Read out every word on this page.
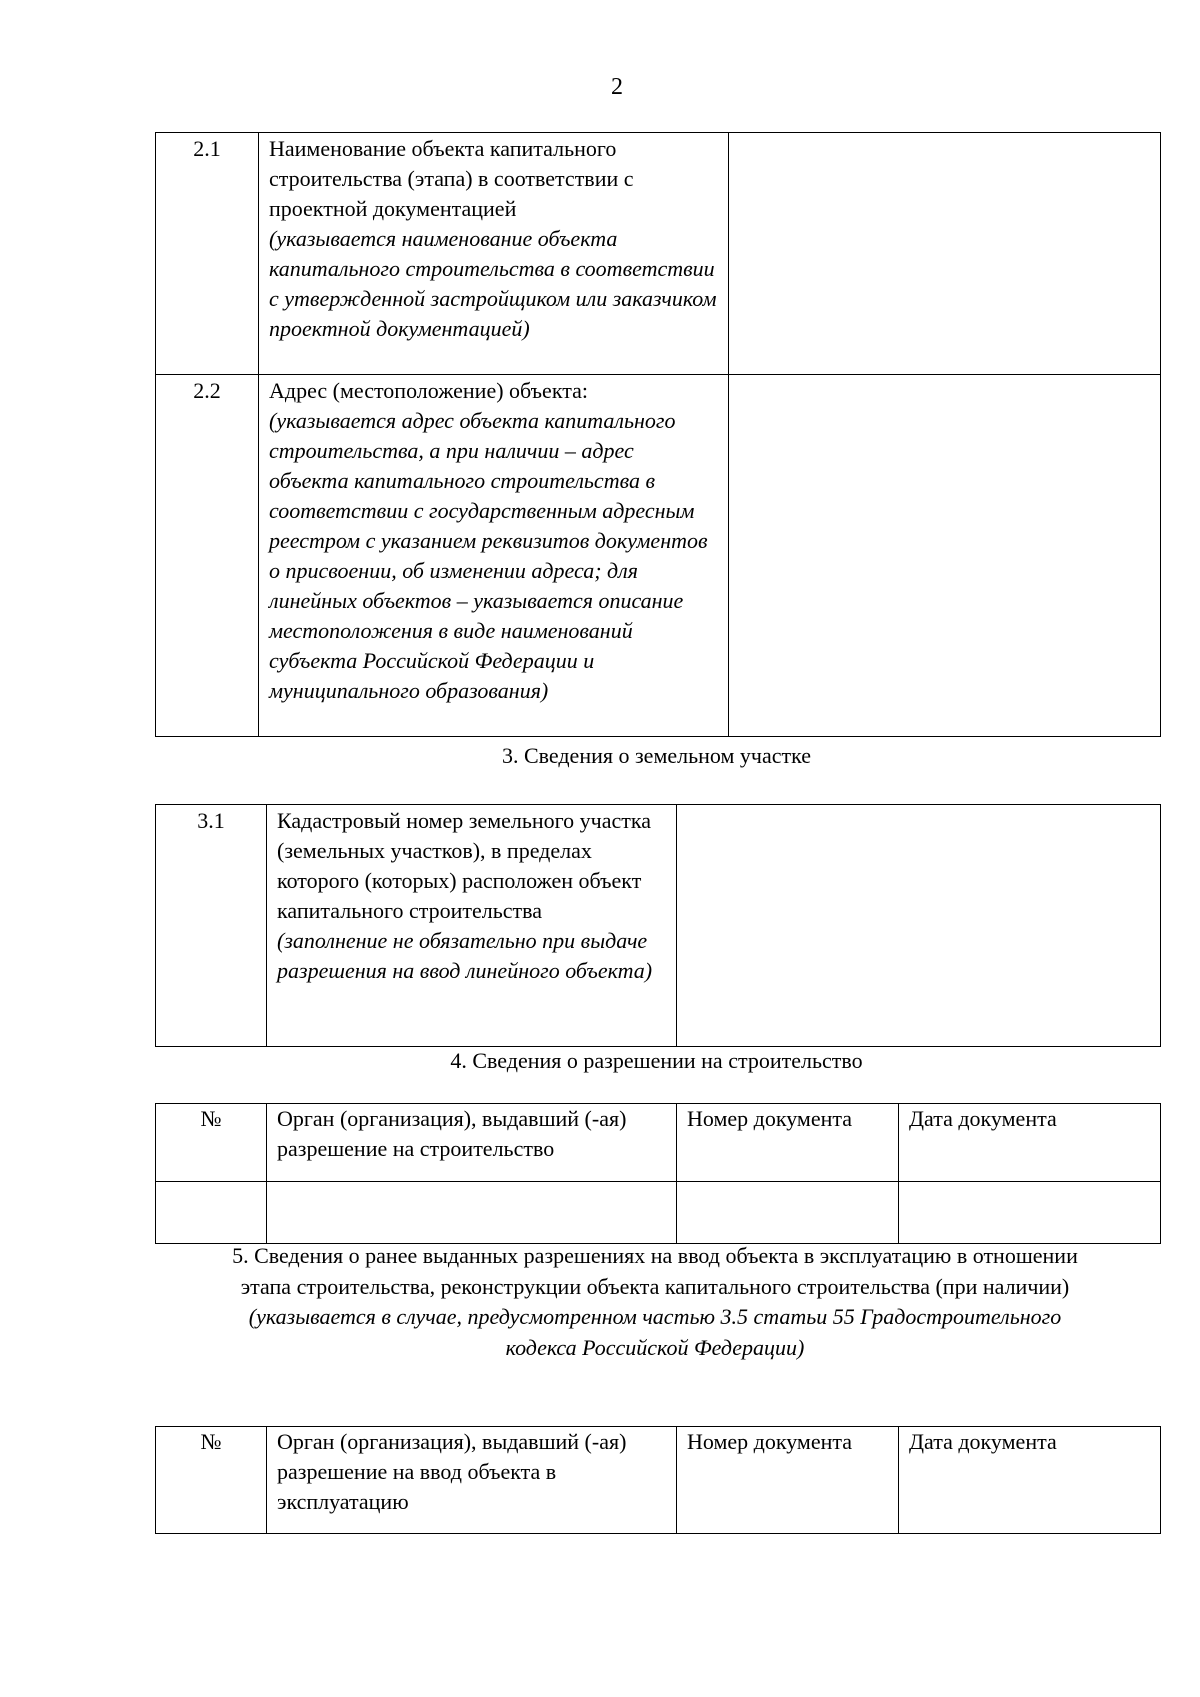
2
2.1	Наименование объекта капитального строительства (этапа) в соответствии с проектной документацией
(указывается наименование объекта капитального строительства в соответствии с утвержденной застройщиком или заказчиком проектной документацией)	
2.2	Адрес (местоположение) объекта:
(указывается адрес объекта капитального строительства, а при наличии – адрес объекта капитального строительства в соответствии с государственным адресным реестром с указанием реквизитов документов о присвоении, об изменении адреса; для линейных объектов – указывается описание местоположения в виде наименований субъекта Российской Федерации и муниципального образования)	
3. Сведения о земельном участке
3.1	Кадастровый номер земельного участка (земельных участков), в пределах которого (которых) расположен объект капитального строительства
(заполнение не обязательно при выдаче разрешения на ввод линейного объекта)	
4. Сведения о разрешении на строительство
№	Орган (организация), выдавший (-ая) разрешение на строительство	Номер документа	Дата документа

5. Сведения о ранее выданных разрешениях на ввод объекта в эксплуатацию в отношении
этапа строительства, реконструкции объекта капитального строительства (при наличии)
(указывается в случае, предусмотренном частью 3.5 статьи 55 Градостроительного
кодекса Российской Федерации)
№	Орган (организация), выдавший (-ая) разрешение на ввод объекта в эксплуатацию	Номер документа	Дата документа
